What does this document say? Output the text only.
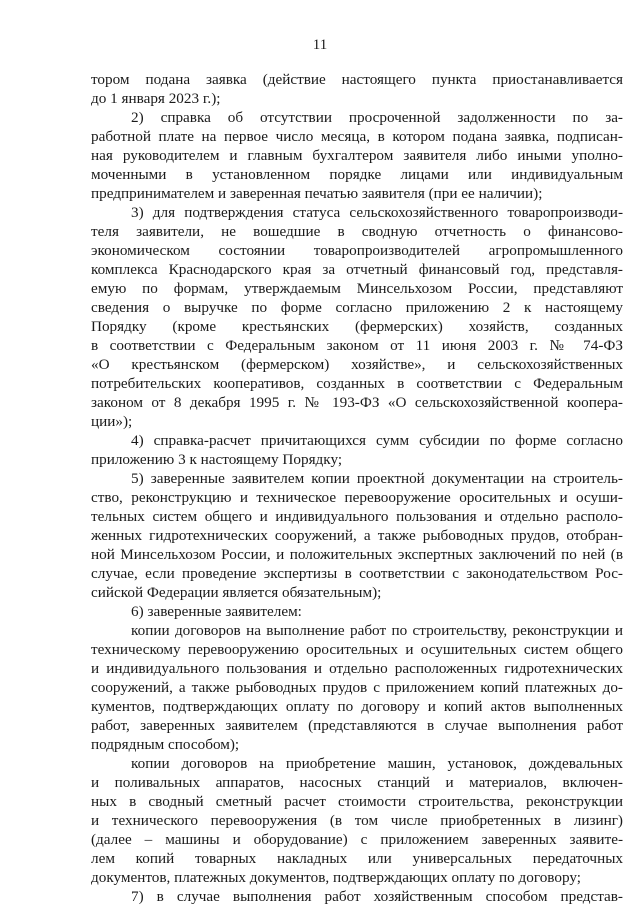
11
тором подана заявка (действие настоящего пункта приостанавливается
до 1 января 2023 г.);
2) справка об отсутствии просроченной задолженности по за-
работной плате на первое число месяца, в котором подана заявка, подписан-
ная руководителем и главным бухгалтером заявителя либо иными уполно-
моченными в установленном порядке лицами или индивидуальным
предпринимателем и заверенная печатью заявителя (при ее наличии);
3) для подтверждения статуса сельскохозяйственного товаропроизводи-
теля заявители, не вошедшие в сводную отчетность о финансово-
экономическом состоянии товаропроизводителей агропромышленного
комплекса Краснодарского края за отчетный финансовый год, представля-
емую по формам, утверждаемым Минсельхозом России, представляют
сведения о выручке по форме согласно приложению 2 к настоящему
Порядку (кроме крестьянских (фермерских) хозяйств, созданных
в соответствии с Федеральным законом от 11 июня 2003 г. № 74-ФЗ
«О крестьянском (фермерском) хозяйстве», и сельскохозяйственных
потребительских кооперативов, созданных в соответствии с Федеральным
законом от 8 декабря 1995 г. № 193-ФЗ «О сельскохозяйственной коопера-
ции»);
4) справка-расчет причитающихся сумм субсидии по форме согласно
приложению 3 к настоящему Порядку;
5) заверенные заявителем копии проектной документации на строитель-
ство, реконструкцию и техническое перевооружение оросительных и осуши-
тельных систем общего и индивидуального пользования и отдельно располо-
женных гидротехнических сооружений, а также рыбоводных прудов, отобран-
ной Минсельхозом России, и положительных экспертных заключений по ней (в
случае, если проведение экспертизы в соответствии с законодательством Рос-
сийской Федерации является обязательным);
6) заверенные заявителем:
копии договоров на выполнение работ по строительству, реконструкции и
техническому перевооружению оросительных и осушительных систем общего
и индивидуального пользования и отдельно расположенных гидротехнических
сооружений, а также рыбоводных прудов с приложением копий платежных до-
кументов, подтверждающих оплату по договору и копий актов выполненных
работ, заверенных заявителем (представляются в случае выполнения работ
подрядным способом);
копии договоров на приобретение машин, установок, дождевальных
и поливальных аппаратов, насосных станций и материалов, включен-
ных в сводный сметный расчет стоимости строительства, реконструкции
и технического перевооружения (в том числе приобретенных в лизинг)
(далее – машины и оборудование) с приложением заверенных заявите-
лем копий товарных накладных или универсальных передаточных
документов, платежных документов, подтверждающих оплату по договору;
7) в случае выполнения работ хозяйственным способом представ-
